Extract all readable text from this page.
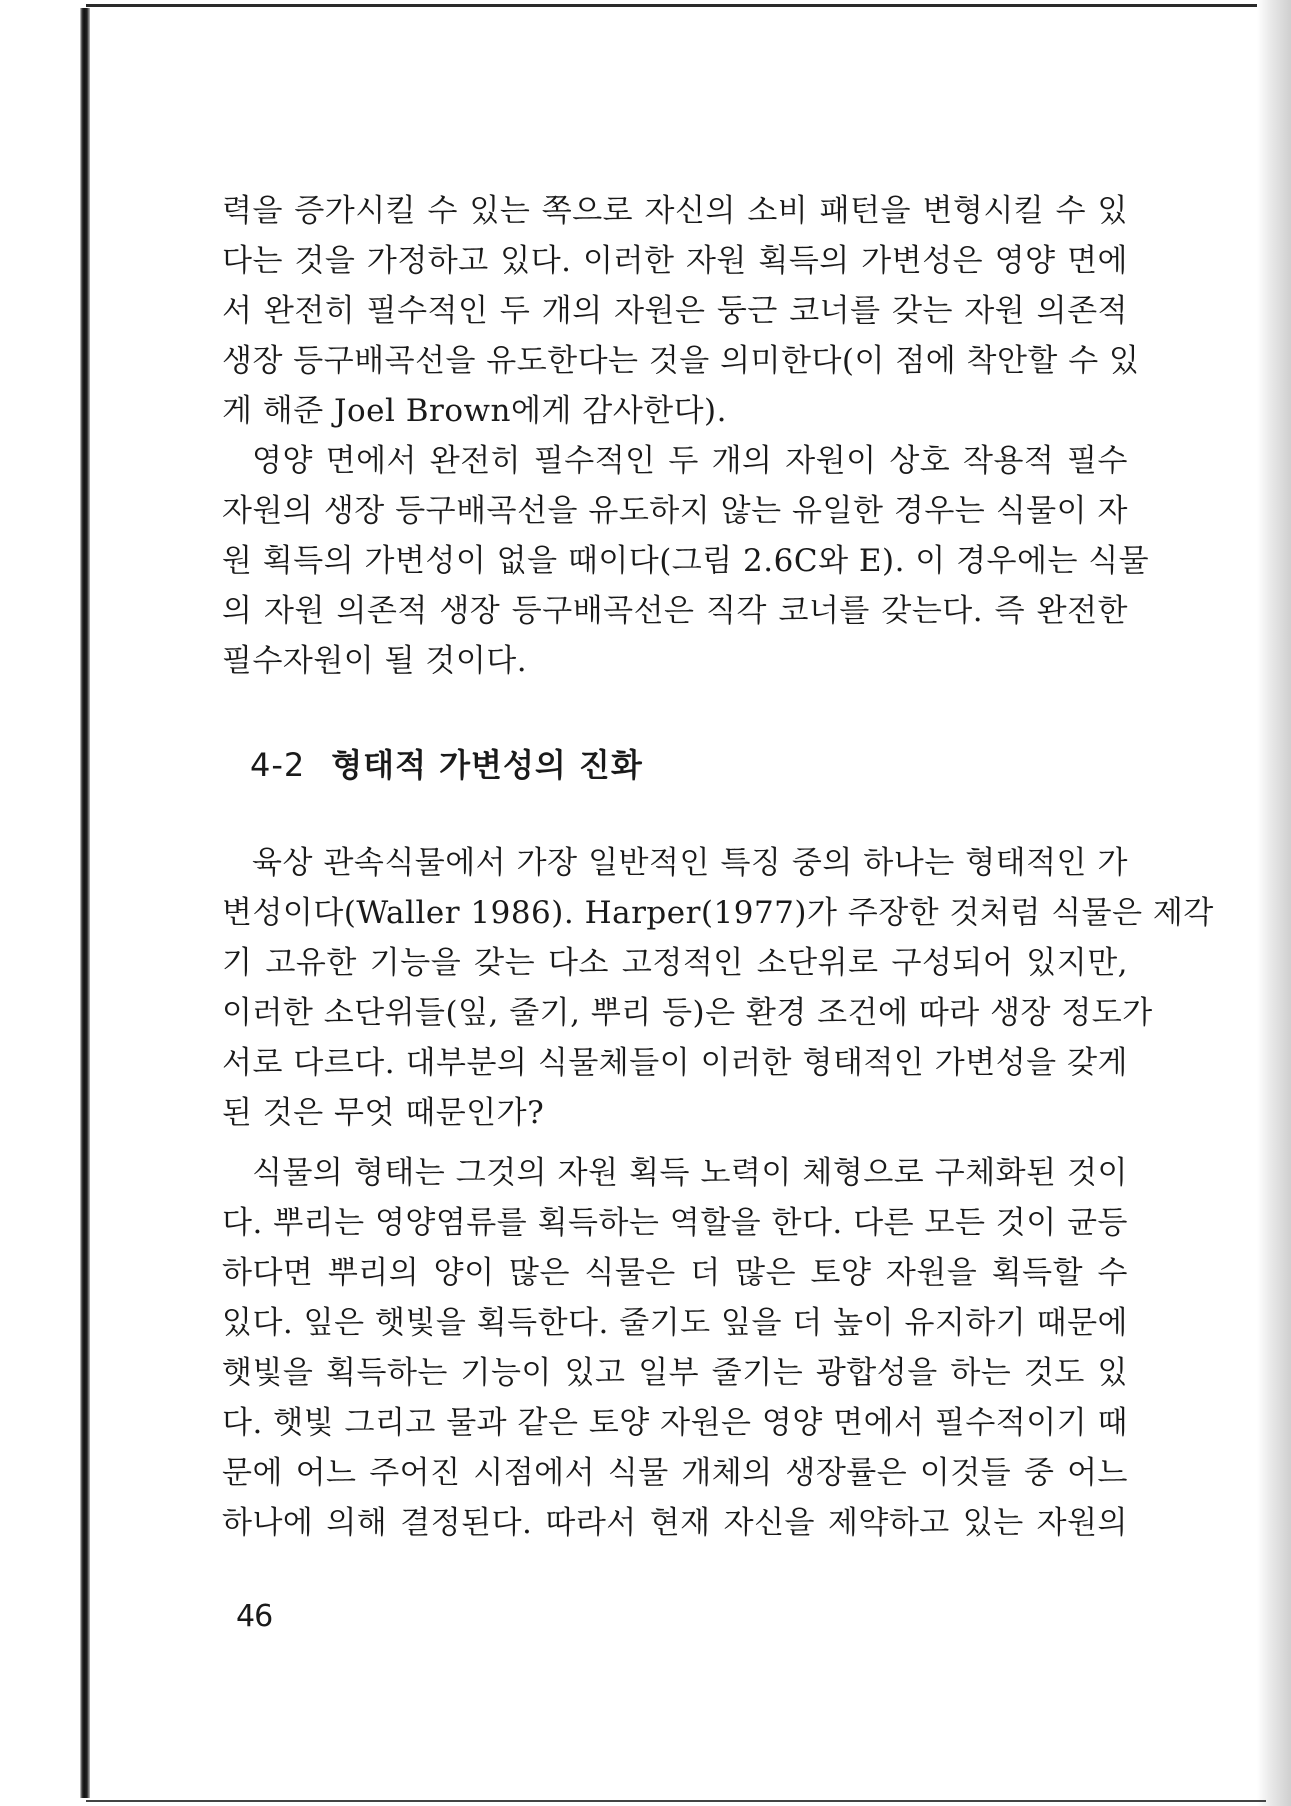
력을 증가시킬 수 있는 쪽으로 자신의 소비 패턴을 변형시킬 수 있
다는 것을 가정하고 있다. 이러한 자원 획득의 가변성은 영양 면에
서 완전히 필수적인 두 개의 자원은 둥근 코너를 갖는 자원 의존적
생장 등구배곡선을 유도한다는 것을 의미한다(이 점에 착안할 수 있
게 해준 Joel Brown에게 감사한다).
영양 면에서 완전히 필수적인 두 개의 자원이 상호 작용적 필수
자원의 생장 등구배곡선을 유도하지 않는 유일한 경우는 식물이 자
원 획득의 가변성이 없을 때이다(그림 2.6C와 E). 이 경우에는 식물
의 자원 의존적 생장 등구배곡선은 직각 코너를 갖는다. 즉 완전한
필수자원이 될 것이다.
4-2 형태적 가변성의 진화
육상 관속식물에서 가장 일반적인 특징 중의 하나는 형태적인 가
변성이다(Waller 1986). Harper(1977)가 주장한 것처럼 식물은 제각
기 고유한 기능을 갖는 다소 고정적인 소단위로 구성되어 있지만,
이러한 소단위들(잎, 줄기, 뿌리 등)은 환경 조건에 따라 생장 정도가
서로 다르다. 대부분의 식물체들이 이러한 형태적인 가변성을 갖게
된 것은 무엇 때문인가?
식물의 형태는 그것의 자원 획득 노력이 체형으로 구체화된 것이
다. 뿌리는 영양염류를 획득하는 역할을 한다. 다른 모든 것이 균등
하다면 뿌리의 양이 많은 식물은 더 많은 토양 자원을 획득할 수
있다. 잎은 햇빛을 획득한다. 줄기도 잎을 더 높이 유지하기 때문에
햇빛을 획득하는 기능이 있고 일부 줄기는 광합성을 하는 것도 있
다. 햇빛 그리고 물과 같은 토양 자원은 영양 면에서 필수적이기 때
문에 어느 주어진 시점에서 식물 개체의 생장률은 이것들 중 어느
하나에 의해 결정된다. 따라서 현재 자신을 제약하고 있는 자원의
46
